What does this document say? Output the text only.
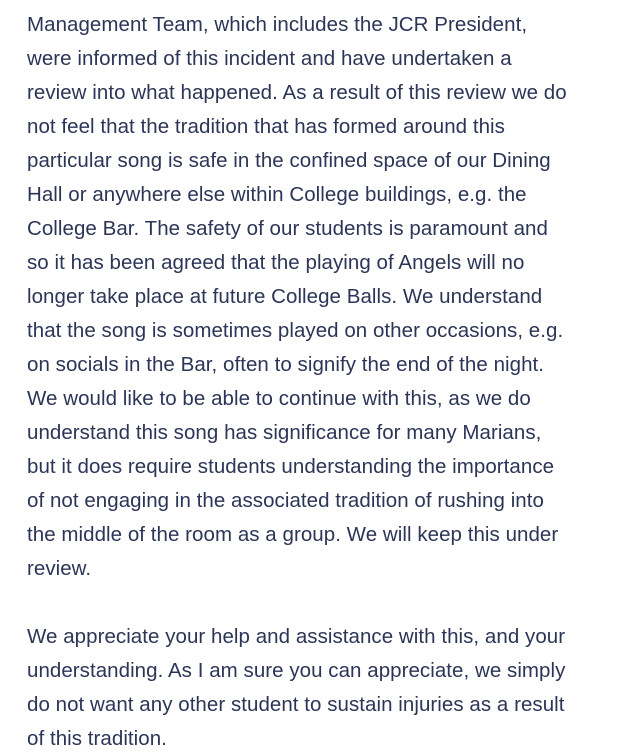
Management Team, which includes the JCR President,
were informed of this incident and have undertaken a
review into what happened. As a result of this review we do
not feel that the tradition that has formed around this
particular song is safe in the confined space of our Dining
Hall or anywhere else within College buildings, e.g. the
College Bar. The safety of our students is paramount and
so it has been agreed that the playing of Angels will no
longer take place at future College Balls. We understand
that the song is sometimes played on other occasions, e.g.
on socials in the Bar, often to signify the end of the night.
We would like to be able to continue with this, as we do
understand this song has significance for many Marians,
but it does require students understanding the importance
of not engaging in the associated tradition of rushing into
the middle of the room as a group. We will keep this under
review.
We appreciate your help and assistance with this, and your
understanding. As I am sure you can appreciate, we simply
do not want any other student to sustain injuries as a result
of this tradition.
